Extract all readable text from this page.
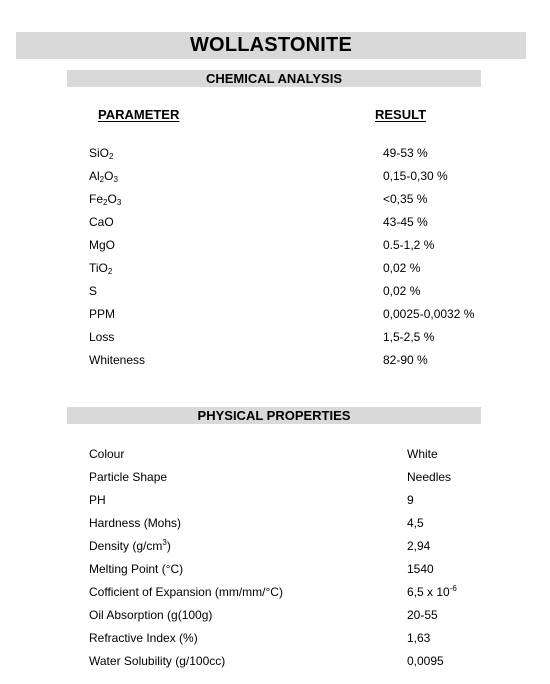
WOLLASTONITE
CHEMICAL ANALYSIS
PARAMETER	RESULT
SiO$_2$	49-53 %
$Al_2O_3$	0,15-0,30 %
$Fe_2O_3$	<0,35 %
CaO	43-45 %
MgO	0.5-1,2 %
TiO$_2$	0,02 %
S	0,02 %
PPM	0,0025-0,0032 %
Loss	1,5-2,5 %
Whiteness	82-90 %
PHYSICAL PROPERTIES
Colour	White
Particle Shape	Needles
PH	9
Hardness (Mohs)	4,5
Density $(g/cm^3)$	2,94
Melting Point (°C)	1540
Cofficient of Expansion (mm/mm/°C)	6,5 x $10^{-6}$
Oil Absorption (g(100g)	20-55
Refractive Index (%)	1,63
Water Solubility (g/100cc)	0,0095
